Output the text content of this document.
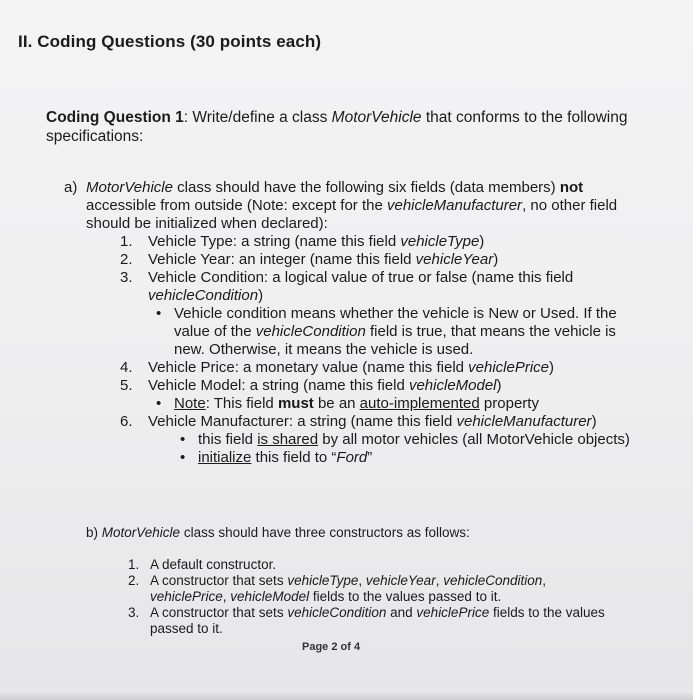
II. Coding Questions (30 points each)
Coding Question 1: Write/define a class MotorVehicle that conforms to the following specifications:
a) MotorVehicle class should have the following six fields (data members) not accessible from outside (Note: except for the vehicleManufacturer, no other field should be initialized when declared):
1. Vehicle Type: a string (name this field vehicleType)
2. Vehicle Year: an integer (name this field vehicleYear)
3. Vehicle Condition: a logical value of true or false (name this field vehicleCondition)
• Vehicle condition means whether the vehicle is New or Used. If the value of the vehicleCondition field is true, that means the vehicle is new. Otherwise, it means the vehicle is used.
4. Vehicle Price: a monetary value (name this field vehiclePrice)
5. Vehicle Model: a string (name this field vehicleModel)
• Note: This field must be an auto-implemented property
6. Vehicle Manufacturer: a string (name this field vehicleManufacturer)
• this field is shared by all motor vehicles (all MotorVehicle objects)
• initialize this field to “Ford”
b) MotorVehicle class should have three constructors as follows:
1. A default constructor.
2. A constructor that sets vehicleType, vehicleYear, vehicleCondition, vehiclePrice, vehicleModel fields to the values passed to it.
3. A constructor that sets vehicleCondition and vehiclePrice fields to the values passed to it.
Page 2 of 4
